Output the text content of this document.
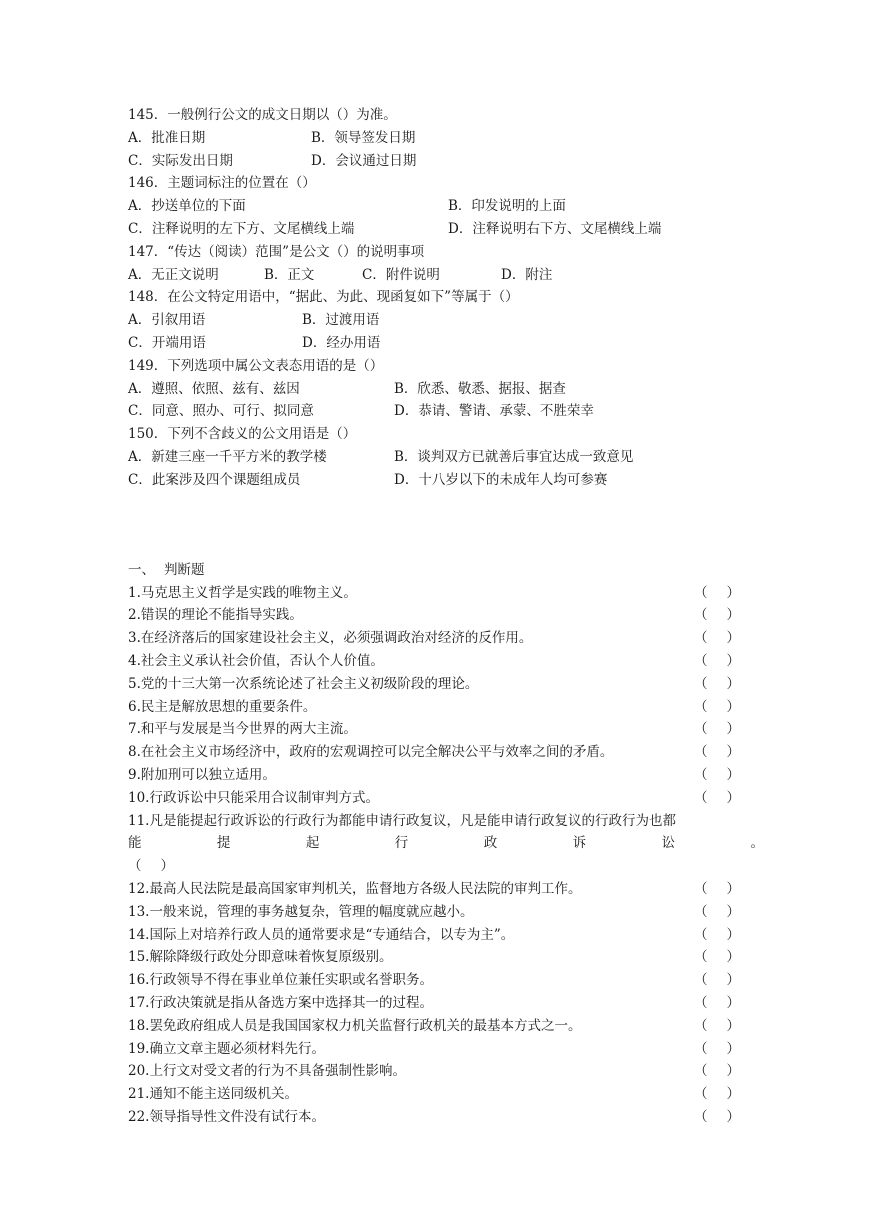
145．一般例行公文的成文日期以（）为准。
A．批准日期	B．领导签发日期
C．实际发出日期	D．会议通过日期
146．主题词标注的位置在（）
A．抄送单位的下面	B．印发说明的上面
C．注释说明的左下方、文尾横线上端	D．注释说明右下方、文尾横线上端
147．“传达（阅读）范围”是公文（）的说明事项
A．无正文说明	B．正文	C．附件说明	D．附注
148．在公文特定用语中，“据此、为此、现函复如下”等属于（）
A．引叙用语	B．过渡用语
C．开端用语	D．经办用语
149．下列选项中属公文表态用语的是（）
A．遵照、依照、兹有、兹因	B．欣悉、敬悉、据报、据查
C．同意、照办、可行、拟同意	D．恭请、警请、承蒙、不胜荣幸
150．下列不含歧义的公文用语是（）
A．新建三座一千平方米的教学楼	B．谈判双方已就善后事宜达成一致意见
C．此案涉及四个课题组成员	D．十八岁以下的未成年人均可参赛
一、 判断题
1.马克思主义哲学是实践的唯物主义。	（ ）
2.错误的理论不能指导实践。	（ ）
3.在经济落后的国家建设社会主义，必须强调政治对经济的反作用。	（ ）
4.社会主义承认社会价值，否认个人价值。	（ ）
5.党的十三大第一次系统论述了社会主义初级阶段的理论。	（ ）
6.民主是解放思想的重要条件。	（ ）
7.和平与发展是当今世界的两大主流。	（ ）
8.在社会主义市场经济中，政府的宏观调控可以完全解决公平与效率之间的矛盾。	（ ）
9.附加刑可以独立适用。	（ ）
10.行政诉讼中只能采用合议制审判方式。	（ ）
11.凡是能提起行政诉讼的行政行为都能申请行政复议，凡是能申请行政复议的行政行为也都
能	提	起	行	政	诉	讼	。
（ ）
12.最高人民法院是最高国家审判机关，监督地方各级人民法院的审判工作。	（ ）
13.一般来说，管理的事务越复杂，管理的幅度就应越小。	（ ）
14.国际上对培养行政人员的通常要求是“专通结合，以专为主”。	（ ）
15.解除降级行政处分即意味着恢复原级别。	（ ）
16.行政领导不得在事业单位兼任实职或名誉职务。	（ ）
17.行政决策就是指从备选方案中选择其一的过程。	（ ）
18.罢免政府组成人员是我国国家权力机关监督行政机关的最基本方式之一。	（ ）
19.确立文章主题必须材料先行。	（ ）
20.上行文对受文者的行为不具备强制性影响。	（ ）
21.通知不能主送同级机关。	（ ）
22.领导指导性文件没有试行本。	（ ）
